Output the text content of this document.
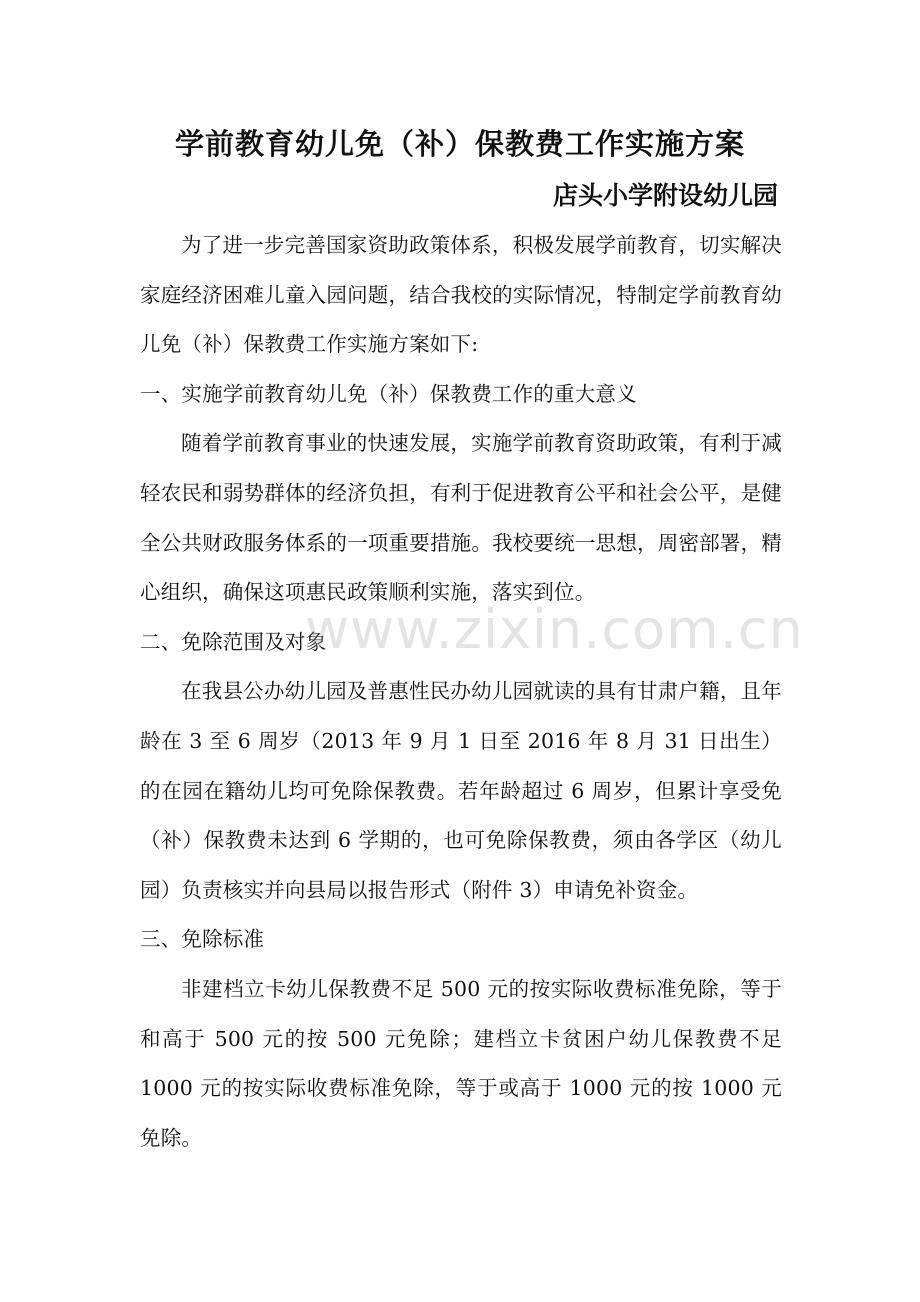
学前教育幼儿免（补）保教费工作实施方案
店头小学附设幼儿园

为了进一步完善国家资助政策体系，积极发展学前教育，切实解决家庭经济困难儿童入园问题，结合我校的实际情况，特制定学前教育幼儿免（补）保教费工作实施方案如下:

一、实施学前教育幼儿免（补）保教费工作的重大意义

随着学前教育事业的快速发展，实施学前教育资助政策，有利于减轻农民和弱势群体的经济负担，有利于促进教育公平和社会公平，是健全公共财政服务体系的一项重要措施。我校要统一思想，周密部署，精心组织，确保这项惠民政策顺利实施，落实到位。

二、免除范围及对象

在我县公办幼儿园及普惠性民办幼儿园就读的具有甘肃户籍，且年龄在 3 至 6 周岁（2013 年 9 月 1 日至 2016 年 8 月 31 日出生）的在园在籍幼儿均可免除保教费。若年龄超过 6 周岁，但累计享受免（补）保教费未达到 6 学期的，也可免除保教费，须由各学区（幼儿园）负责核实并向县局以报告形式（附件 3）申请免补资金。

三、免除标准

非建档立卡幼儿保教费不足 500 元的按实际收费标准免除，等于和高于 500 元的按 500 元免除；建档立卡贫困户幼儿保教费不足 1000 元的按实际收费标准免除，等于或高于 1000 元的按 1000 元免除。

www.zixin.com.cn
